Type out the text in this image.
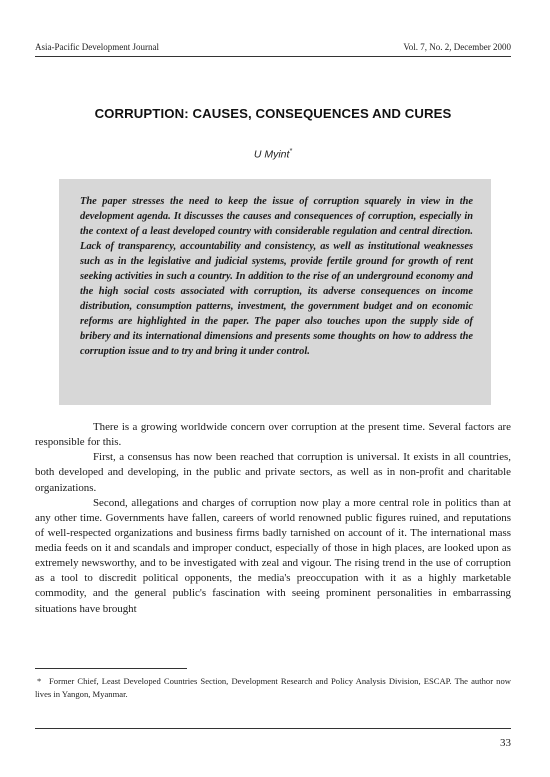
Asia-Pacific Development Journal	Vol. 7, No. 2, December 2000
CORRUPTION: CAUSES, CONSEQUENCES AND CURES
U Myint*
The paper stresses the need to keep the issue of corruption squarely in view in the development agenda. It discusses the causes and consequences of corruption, especially in the context of a least developed country with considerable regulation and central direction. Lack of transparency, accountability and consistency, as well as institutional weaknesses such as in the legislative and judicial systems, provide fertile ground for growth of rent seeking activities in such a country. In addition to the rise of an underground economy and the high social costs associated with corruption, its adverse consequences on income distribution, consumption patterns, investment, the government budget and on economic reforms are highlighted in the paper. The paper also touches upon the supply side of bribery and its international dimensions and presents some thoughts on how to address the corruption issue and to try and bring it under control.

There is a growing worldwide concern over corruption at the present time. Several factors are responsible for this.

First, a consensus has now been reached that corruption is universal. It exists in all countries, both developed and developing, in the public and private sectors, as well as in non-profit and charitable organizations.

Second, allegations and charges of corruption now play a more central role in politics than at any other time. Governments have fallen, careers of world renowned public figures ruined, and reputations of well-respected organizations and business firms badly tarnished on account of it. The international mass media feeds on it and scandals and improper conduct, especially of those in high places, are looked upon as extremely newsworthy, and to be investigated with zeal and vigour. The rising trend in the use of corruption as a tool to discredit political opponents, the media's preoccupation with it as a highly marketable commodity, and the general public's fascination with seeing prominent personalities in embarrassing situations have brought

* Former Chief, Least Developed Countries Section, Development Research and Policy Analysis Division, ESCAP. The author now lives in Yangon, Myanmar.
33
